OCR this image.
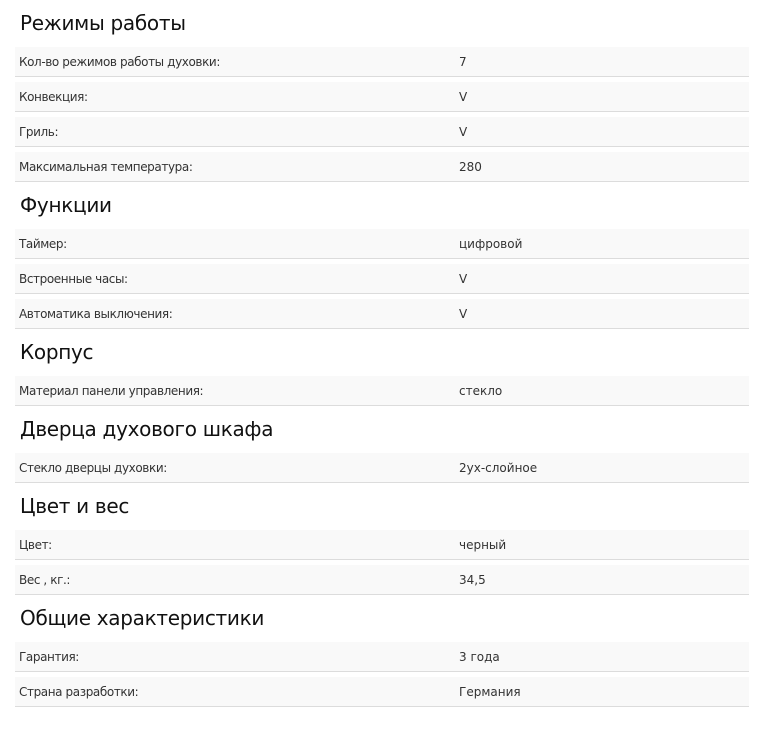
Режимы работы
Кол-во режимов работы духовки:	7
Конвекция:	V
Гриль:	V
Максимальная температура:	280
Функции
Таймер:	цифровой
Встроенные часы:	V
Автоматика выключения:	V
Корпус
Материал панели управления:	стекло
Дверца духового шкафа
Стекло дверцы духовки:	2ух-слойное
Цвет и вес
Цвет:	черный
Вес , кг.:	34,5
Общие характеристики
Гарантия:	3 года
Страна разработки:	Германия
